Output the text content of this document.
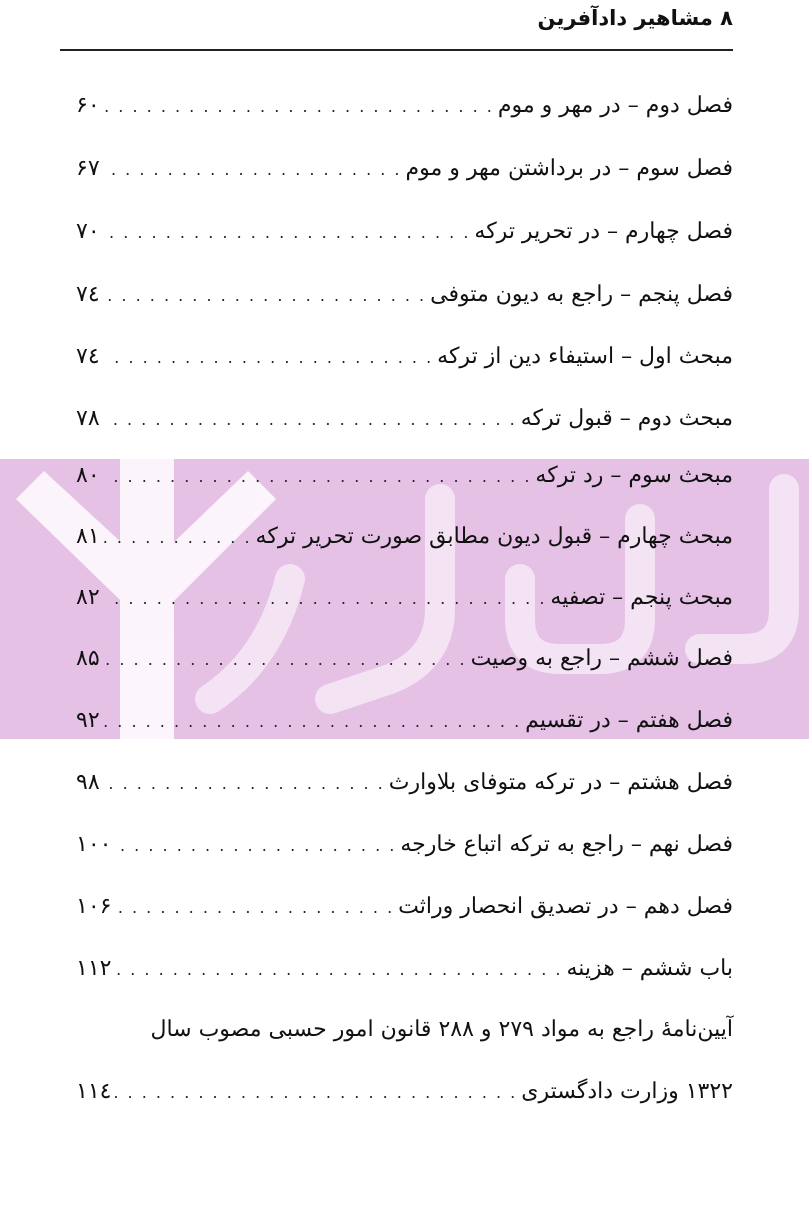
۸ مشاهیر دادآفرین
فصل دوم – در مهر و موم
. . .
۶۰
فصل سوم – در برداشتن مهر و موم
. . .
۶۷
فصل چهارم – در تحریر ترکه
. . .
۷۰
فصل پنجم – راجع به دیون متوفی
. . .
۷٤
مبحث اول – استیفاء دین از ترکه
. . .
۷٤
مبحث دوم – قبول ترکه
. . .
۷۸
مبحث سوم – رد ترکه
. . .
۸۰
مبحث چهارم – قبول دیون مطابق صورت تحریر ترکه
. . .
۸۱
مبحث پنجم – تصفیه
. . .
۸۲
فصل ششم – راجع به وصیت
. . .
۸۵
فصل هفتم – در تقسیم
. . .
۹۲
فصل هشتم – در ترکه متوفای بلاوارث
. . .
۹۸
فصل نهم – راجع به ترکه اتباع خارجه
. . .
۱۰۰
فصل دهم – در تصدیق انحصار وراثت
. . .
۱۰۶
باب ششم – هزینه
. . .
۱۱۲
آیین‌نامهٔ راجع به مواد ۲۷۹ و ۲۸۸ قانون امور حسبی مصوب سال
۱۳۲۲ وزارت دادگستری
. . .
۱۱٤
